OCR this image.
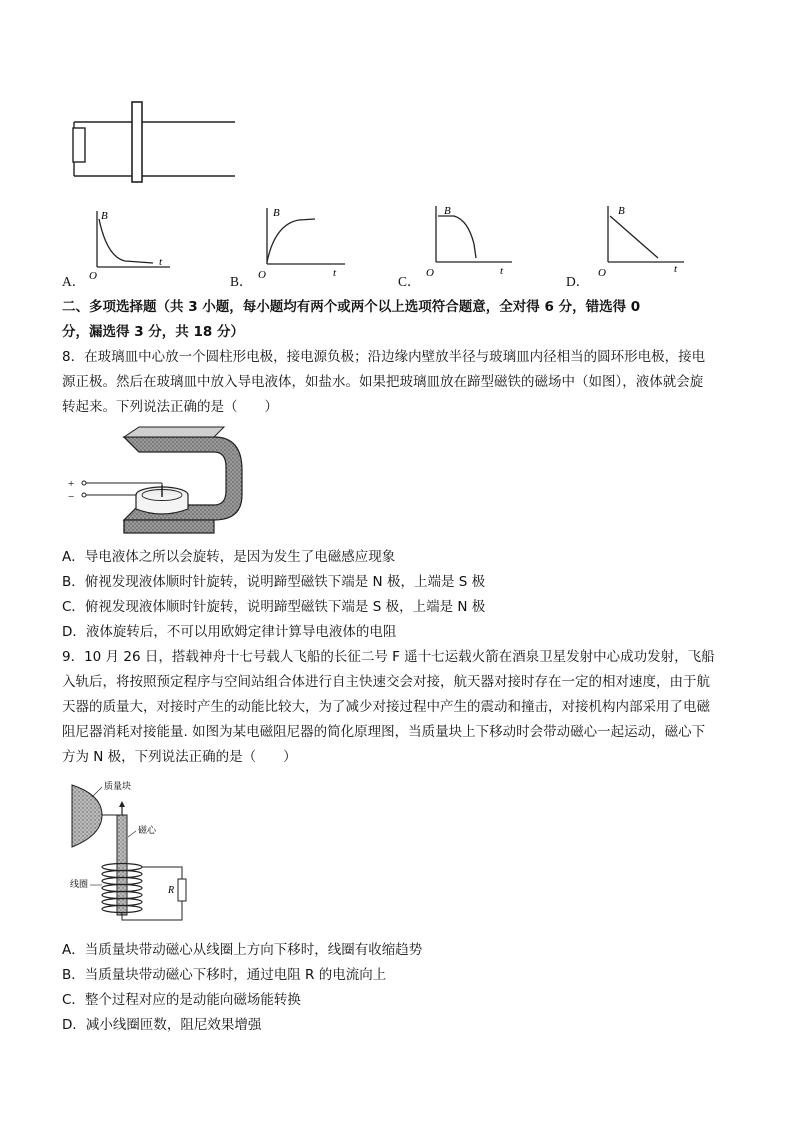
B
t
O
B
t
O
B
t
O
B
t
O
A．	B．	C．	D．
二、多项选择题（共 3 小题，每小题均有两个或两个以上选项符合题意，全对得 6 分，错选得 0
分，漏选得 3 分，共 18 分）
8．在玻璃皿中心放一个圆柱形电极，接电源负极；沿边缘内壁放半径与玻璃皿内径相当的圆环形电极，接电
源正极。然后在玻璃皿中放入导电液体，如盐水。如果把玻璃皿放在蹄型磁铁的磁场中（如图），液体就会旋
转起来。下列说法正确的是（　　）
+
−
A．导电液体之所以会旋转，是因为发生了电磁感应现象
B．俯视发现液体顺时针旋转，说明蹄型磁铁下端是 N 极，上端是 S 极
C．俯视发现液体顺时针旋转，说明蹄型磁铁下端是 S 极，上端是 N 极
D．液体旋转后，不可以用欧姆定律计算导电液体的电阻
9．10 月 26 日，搭载神舟十七号载人飞船的长征二号 F 遥十七运载火箭在酒泉卫星发射中心成功发射，飞船
入轨后，将按照预定程序与空间站组合体进行自主快速交会对接，航天器对接时存在一定的相对速度，由于航
天器的质量大，对接时产生的动能比较大，为了减少对接过程中产生的震动和撞击，对接机构内部采用了电磁
阻尼器消耗对接能量. 如图为某电磁阻尼器的简化原理图，当质量块上下移动时会带动磁心一起运动，磁心下
方为 N 极，下列说法正确的是（　　）
质量块
磁心
线圈
R
A．当质量块带动磁心从线圈上方向下移时，线圈有收缩趋势
B．当质量块带动磁心下移时，通过电阻 R 的电流向上
C．整个过程对应的是动能向磁场能转换
D．减小线圈匝数，阻尼效果增强
